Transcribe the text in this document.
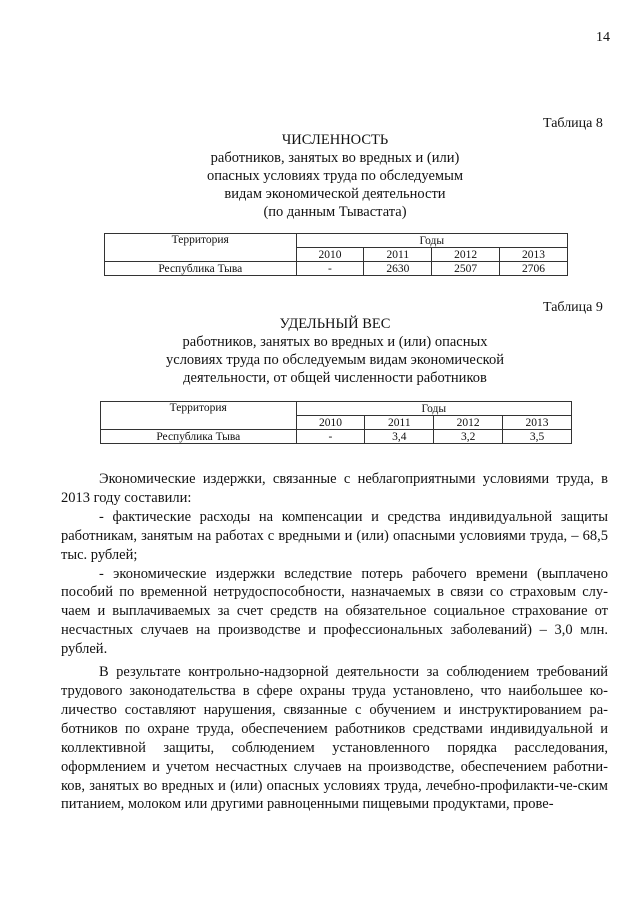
14
Таблица 8
ЧИСЛЕННОСТЬ
работников, занятых во вредных и (или)
опасных условиях труда по обследуемым
видам экономической деятельности
(по данным Тывастата)
Территория	Годы			
	2010	2011	2012	2013
Республика Тыва	-	2630	2507	2706
Таблица 9
УДЕЛЬНЫЙ ВЕС
работников, занятых во вредных и (или) опасных
условиях труда по обследуемым видам экономической
деятельности, от общей численности работников
Территория	Годы			
	2010	2011	2012	2013
Республика Тыва	-	3,4	3,2	3,5

Экономические издержки, связанные с неблагоприятными условиями труда, в 2013 году составили:

- фактические расходы на компенсации и средства индивидуальной защиты работникам, занятым на работах с вредными и (или) опасными условиями труда, – 68,5 тыс. рублей;

- экономические издержки вследствие потерь рабочего времени (выплачено пособий по временной нетрудоспособности, назначаемых в связи со страховым слу-чаем и выплачиваемых за счет средств на обязательное социальное страхование от несчастных случаев на производстве и профессиональных заболеваний) – 3,0 млн. рублей.

В результате контрольно-надзорной деятельности за соблюдением требований трудового законодательства в сфере охраны труда установлено, что наибольшее ко-личество составляют нарушения, связанные с обучением и инструктированием ра-ботников по охране труда, обеспечением работников средствами индивидуальной и коллективной защиты, соблюдением установленного порядка расследования, оформлением и учетом несчастных случаев на производстве, обеспечением работни-ков, занятых во вредных и (или) опасных условиях труда, лечебно-профилакти-че-ским питанием, молоком или другими равноценными пищевыми продуктами, прове-
